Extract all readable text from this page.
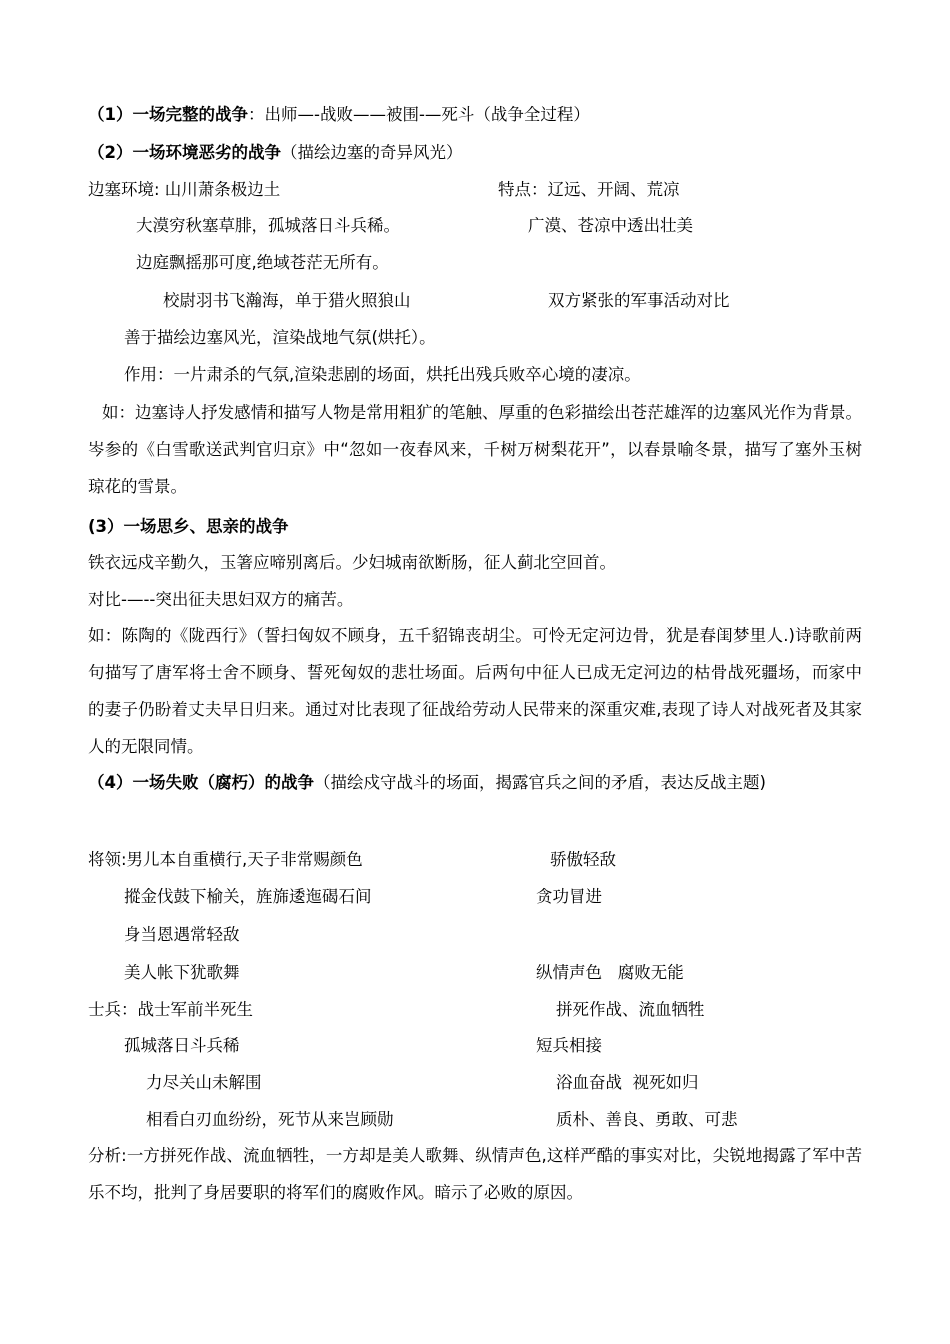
（1）一场完整的战争：出师—-战败——被围-—死斗（战争全过程）
（2）一场环境恶劣的战争（描绘边塞的奇异风光）
边塞环境: 山川萧条极边土	特点：辽远、开阔、荒凉
大漠穷秋塞草腓，孤城落日斗兵稀。	广漠、苍凉中透出壮美
边庭飘摇那可度,绝域苍茫无所有。
校尉羽书飞瀚海，单于猎火照狼山	双方紧张的军事活动对比
善于描绘边塞风光，渲染战地气氛(烘托）。
作用：一片肃杀的气氛,渲染悲剧的场面，烘托出残兵败卒心境的凄凉。
如：边塞诗人抒发感情和描写人物是常用粗犷的笔触、厚重的色彩描绘出苍茫雄浑的边塞风光作为背景。岑参的《白雪歌送武判官归京》中“忽如一夜春风来，千树万树梨花开”，以春景喻冬景，描写了塞外玉树琼花的雪景。
(3）一场思乡、思亲的战争
铁衣远戍辛勤久，玉箸应啼别离后。少妇城南欲断肠，征人蓟北空回首。
对比-—--突出征夫思妇双方的痛苦。
如：陈陶的《陇西行》（誓扫匈奴不顾身，五千貂锦丧胡尘。可怜无定河边骨，犹是春闺梦里人.)诗歌前两句描写了唐军将士舍不顾身、誓死匈奴的悲壮场面。后两句中征人已成无定河边的枯骨战死疆场，而家中的妻子仍盼着丈夫早日归来。通过对比表现了征战给劳动人民带来的深重灾难,表现了诗人对战死者及其家人的无限同情。
（4）一场失败（腐朽）的战争（描绘戍守战斗的场面，揭露官兵之间的矛盾，表达反战主题)
将领:男儿本自重横行,天子非常赐颜色	骄傲轻敌
摐金伐鼓下榆关，旌旆逶迤碣石间	贪功冒进
身当恩遇常轻敌
美人帐下犹歌舞	纵情声色   腐败无能
士兵：战士军前半死生	拼死作战、流血牺牲
孤城落日斗兵稀	短兵相接
力尽关山未解围	浴血奋战  视死如归
相看白刃血纷纷，死节从来岂顾勋	质朴、善良、勇敢、可悲
分析:一方拼死作战、流血牺牲，一方却是美人歌舞、纵情声色,这样严酷的事实对比，尖锐地揭露了军中苦乐不均，批判了身居要职的将军们的腐败作风。暗示了必败的原因。
